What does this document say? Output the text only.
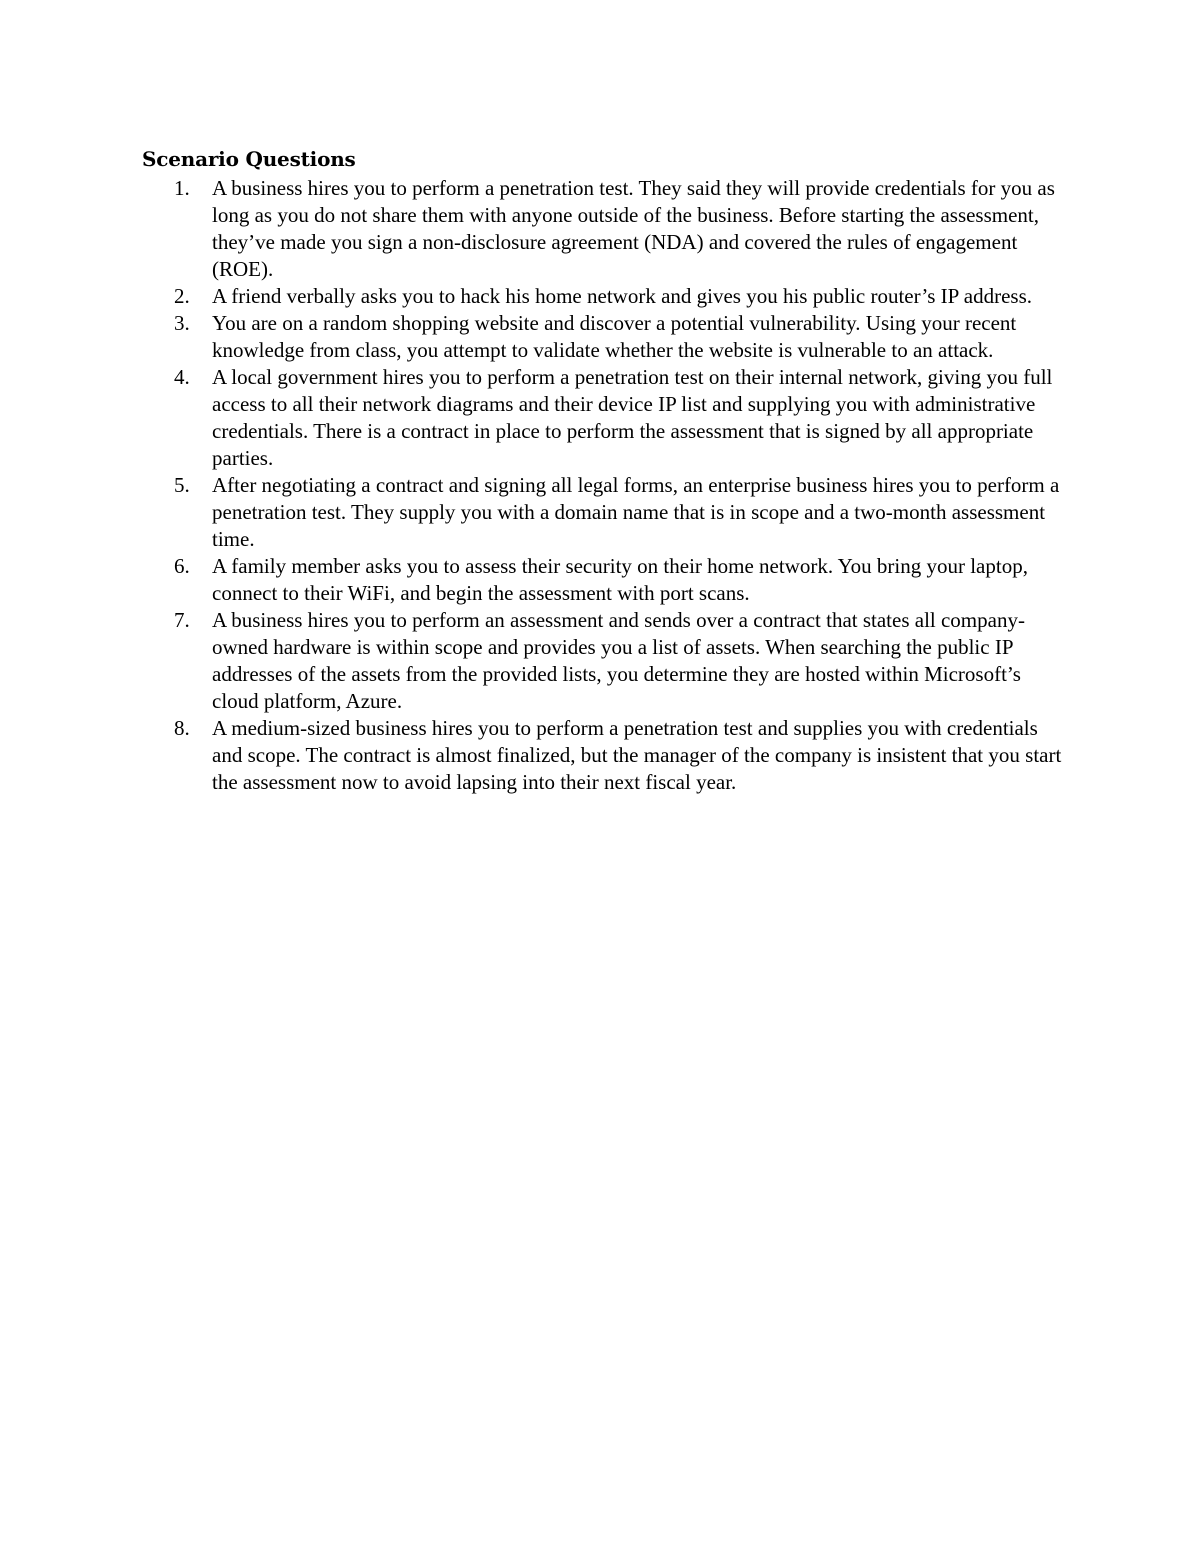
Scenario Questions
1.	A business hires you to perform a penetration test. They said they will provide credentials for you as long as you do not share them with anyone outside of the business. Before starting the assessment, they’ve made you sign a non-disclosure agreement (NDA) and covered the rules of engagement (ROE).
2.	A friend verbally asks you to hack his home network and gives you his public router’s IP address.
3.	You are on a random shopping website and discover a potential vulnerability. Using your recent knowledge from class, you attempt to validate whether the website is vulnerable to an attack.
4.	A local government hires you to perform a penetration test on their internal network, giving you full access to all their network diagrams and their device IP list and supplying you with administrative credentials. There is a contract in place to perform the assessment that is signed by all appropriate parties.
5.	After negotiating a contract and signing all legal forms, an enterprise business hires you to perform a penetration test. They supply you with a domain name that is in scope and a two-month assessment time.
6.	A family member asks you to assess their security on their home network. You bring your laptop, connect to their WiFi, and begin the assessment with port scans.
7.	A business hires you to perform an assessment and sends over a contract that states all company-owned hardware is within scope and provides you a list of assets. When searching the public IP addresses of the assets from the provided lists, you determine they are hosted within Microsoft’s cloud platform, Azure.
8.	A medium-sized business hires you to perform a penetration test and supplies you with credentials and scope. The contract is almost finalized, but the manager of the company is insistent that you start the assessment now to avoid lapsing into their next fiscal year.
